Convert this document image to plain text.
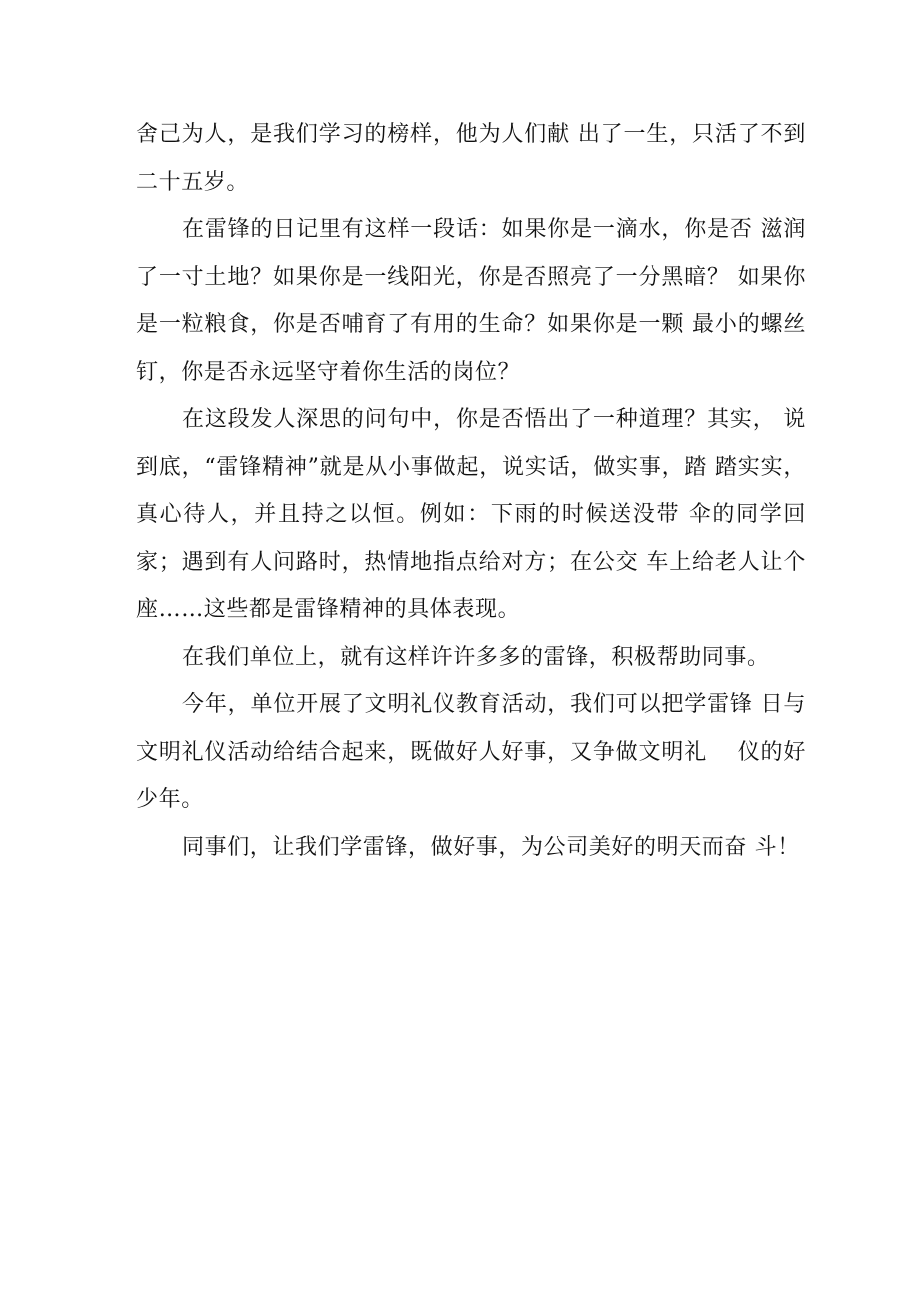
舍己为人，是我们学习的榜样，他为人们献 出了一生，只活了不到二十五岁。

在雷锋的日记里有这样一段话：如果你是一滴水，你是否 滋润了一寸土地？如果你是一线阳光，你是否照亮了一分黑暗？ 如果你是一粒粮食，你是否哺育了有用的生命？如果你是一颗 最小的螺丝钉，你是否永远坚守着你生活的岗位？

在这段发人深思的问句中，你是否悟出了一种道理？其实， 说到底，“雷锋精神”就是从小事做起，说实话，做实事，踏 踏实实，真心待人，并且持之以恒。例如：下雨的时候送没带 伞的同学回家；遇到有人问路时，热情地指点给对方；在公交 车上给老人让个座……这些都是雷锋精神的具体表现。

在我们单位上，就有这样许许多多的雷锋，积极帮助同事。

今年，单位开展了文明礼仪教育活动，我们可以把学雷锋 日与文明礼仪活动给结合起来，既做好人好事，又争做文明礼　 仪的好少年。

同事们，让我们学雷锋，做好事，为公司美好的明天而奋 斗！
